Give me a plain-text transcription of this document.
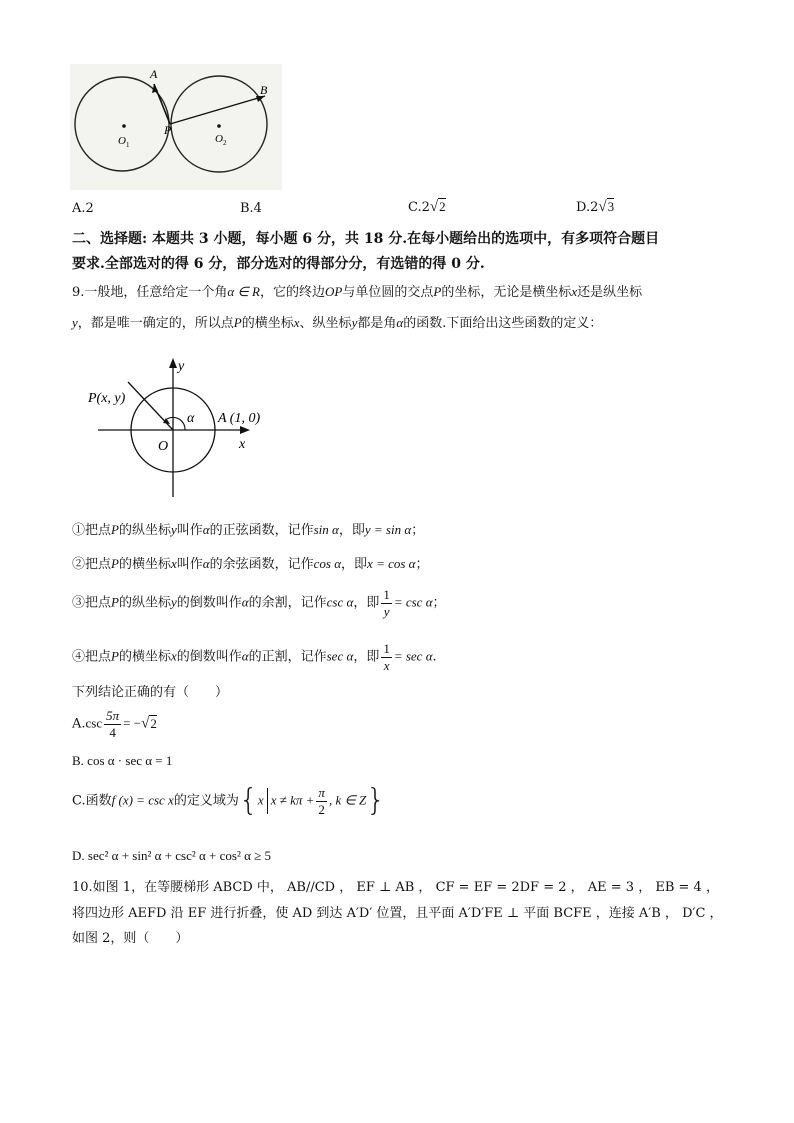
A
B
P
O 1	O 2
A.2	B.4	C.2√2	D.2√3
二、选择题: 本题共 3 小题，每小题 6 分，共 18 分.在每小题给出的选项中，有多项符合题目
要求.全部选对的得 6 分，部分选对的得部分分，有选错的得 0 分.
9.一般地，任意给定一个角α ∈ R，它的终边OP与单位圆的交点P的坐标，无论是横坐标x还是纵坐标
y，都是唯一确定的，所以点P的横坐标x、纵坐标y都是角α的函数.下面给出这些函数的定义：
y
x
O
α A (1, 0)
P(x, y)
①把点P的纵坐标y叫作α的正弦函数，记作sin α，即y = sin α；
②把点P的横坐标x叫作α的余弦函数，记作cos α，即x = cos α；
③把点P的纵坐标y的倒数叫作α的余割，记作csc α，即 $\frac{1}{y} = \csc \alpha$；
④把点P的横坐标x的倒数叫作α的正割，记作sec α，即 $\frac{1}{x} = \sec \alpha$.
下列结论正确的有（　　）
$A.\csc \frac{5\pi}{4} = -√2$
B. cos α · sec α = 1
C.函数f (x) = csc x的定义域为{x $x \ne k\pi + \frac{\pi}{2}$ , k ∈ Z}
D. sec² α + sin² α + csc² α + cos² α ≥ 5
10.如图 1，在等腰梯形 ABCD 中， AB//CD ， EF ⊥ AB ， CF = EF = 2DF = 2 ， AE = 3 ， EB = 4 ，
将四边形 AEFD 沿 EF 进行折叠，使 AD 到达 A′D′ 位置，且平面 A′D′FE ⊥ 平面 BCFE ，连接 A′B ， D′C ，
如图 2，则（　　）
